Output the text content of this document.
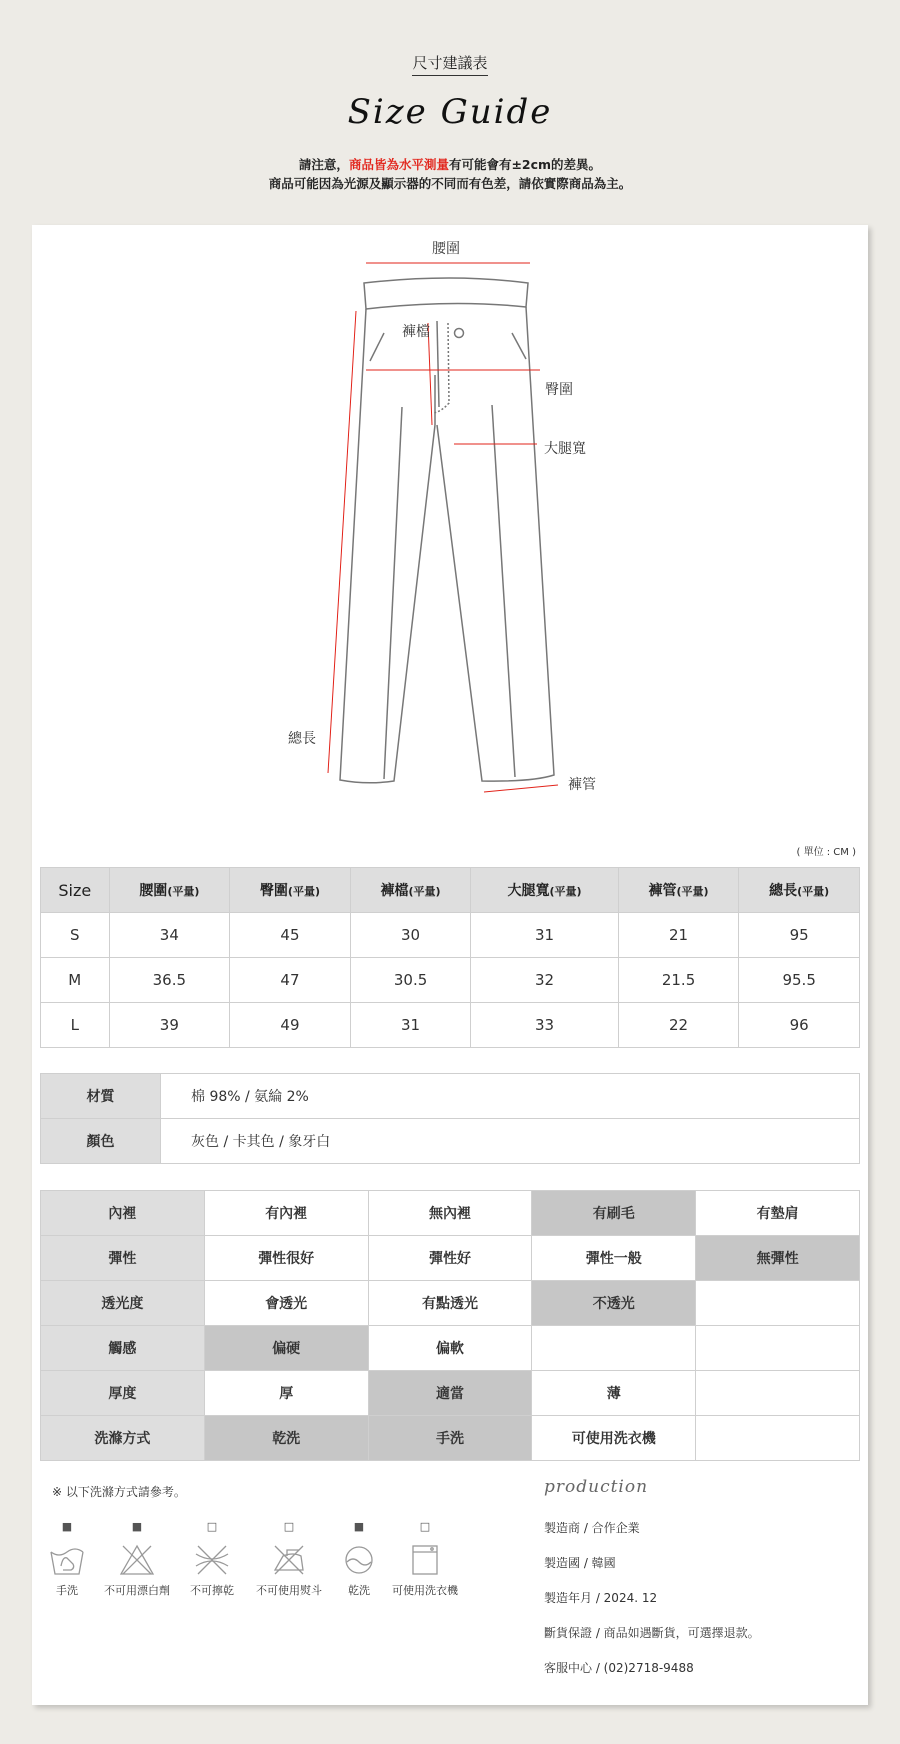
尺寸建議表
Size Guide
請注意，商品皆為水平測量有可能會有±2cm的差異。
商品可能因為光源及顯示器的不同而有色差，請依實際商品為主。
腰圍
褲檔
臀圍
大腿寬
總長
褲管
( 單位 : CM )
Size	腰圍(平量)	臀圍(平量)	褲檔(平量)	大腿寬(平量)	褲管(平量)	總長(平量)
S	34	45	30	31	21	95
M	36.5	47	30.5	32	21.5	95.5
L	39	49	31	33	22	96
材質	棉 98% / 氨綸 2%
顏色	灰色 / 卡其色 / 象牙白
內裡	有內裡	無內裡	有刷毛	有墊肩
彈性	彈性很好	彈性好	彈性一般	無彈性
透光度	會透光	有點透光	不透光	
觸感	偏硬	偏軟		
厚度	厚	適當	薄	
洗滌方式	乾洗	手洗	可使用洗衣機	
※ 以下洗滌方式請參考。
■
手洗
■
不可用漂白劑
□
不可擰乾
□
不可使用熨斗
■
乾洗
□
可使用洗衣機
production
製造商 / 合作企業
製造國 / 韓國
製造年月 / 2024. 12
斷貨保證 / 商品如遇斷貨，可選擇退款。
客服中心 / (02)2718-9488
